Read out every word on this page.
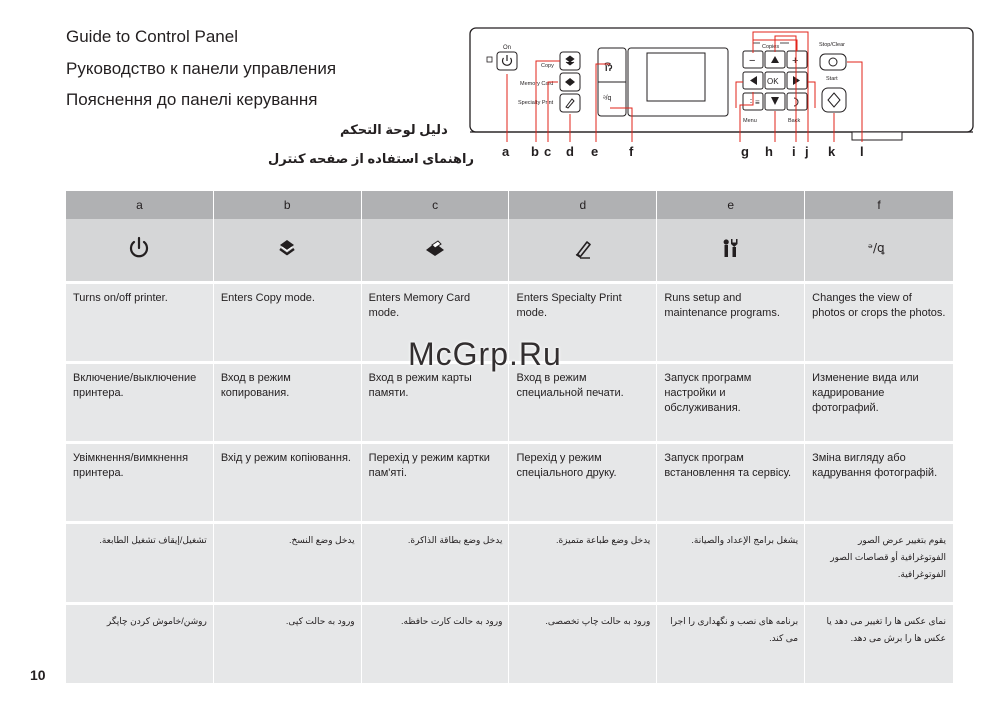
Guide to Control Panel
Руководство к панели управления
Пояснення до панелі керування
دليل لوحة التحكم
راهنمای استفاده از صفحه کنترل
On
Copy
Memory Card
Specialty Print
ĭ͡ʔ
ᵊ/q
Copies
−	+
OK
⋮≡
Menu	Back
Stop/Clear
Start
a b c d e f	g h i j k l
a	b	c	d	e	f

ᵊ/ꝗ

Turns on/off printer.	Enters Copy mode.	Enters Memory Card mode.	Enters Specialty Print mode.	Runs setup and maintenance programs.	Changes the view of photos or crops the photos.
Включение/выключение принтера.	Вход в режим копирования.	Вход в режим карты памяти.	Вход в режим специальной печати.	Запуск программ настройки и обслуживания.	Изменение вида или кадрирование фотографий.
Увімкнення/вимкнення принтера.	Вхід у режим копіювання.	Перехід у режим картки пам'яті.	Перехід у режим спеціального друку.	Запуск програм встановлення та сервісу.	Зміна вигляду або кадрування фотографій.
تشغيل/إيقاف تشغيل الطابعة.	يدخل وضع النسخ.	يدخل وضع بطاقة الذاكرة.	يدخل وضع طباعة متميزة.	يشغل برامج الإعداد والصيانة.	يقوم بتغيير عرض الصور الفوتوغرافية أو قصاصات الصور الفوتوغرافية.
روشن/خاموش کردن چاپگر	ورود به حالت کپی.	ورود به حالت کارت حافظه.	ورود به حالت چاپ تخصصی.	برنامه های نصب و نگهداری را اجرا می کند.	نمای عکس ها را تغییر می دهد یا عکس ها را برش می دهد.
McGrp.Ru
10
